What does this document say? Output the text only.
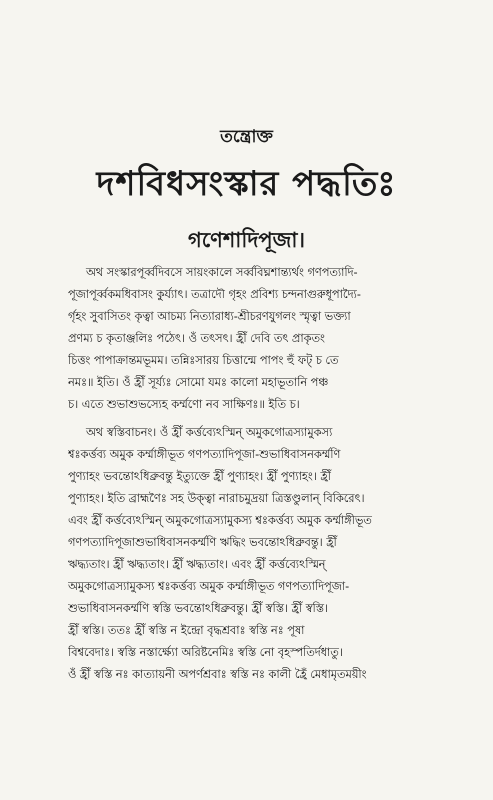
তন্ত্রোক্ত
দশবিধসংস্কার পদ্ধতিঃ
গণেশাদিপূজা।
অথ সংস্কারপূর্ব্বদিবসে সায়ংকালে সর্ব্ববিঘ্নশান্ত্যর্থং গণপত্যাদি-
পূজাপূর্ব্বকমধিবাসং কুর্য্যাৎ। তত্রাদৌ গৃহং প্রবিশ্য চন্দনাগুরুধূপাদ্যৈ-
র্গৃহং সুবাসিতং কৃত্বা আচম্য নিত্যারাধ্য-শ্রীচরণযুগলং স্মৃত্বা ভক্ত্যা
প্রণম্য চ কৃতাঞ্জলিঃ পঠেৎ। ওঁ তৎসৎ। হ্রীঁ দেবি তৎ প্রাকৃতং
চিত্তং পাপাক্রান্তমভূমম। তন্নিঃসারয় চিত্তান্মে পাপং হুঁ ফট্ চ তে
নমঃ॥ ইতি। ওঁ হ্রীঁ সূর্য্যঃ সোমো যমঃ কালো মহাভূতানি পঞ্চ
চ। এতে শুভাশুভস্যেহ কর্ম্মণো নব সাক্ষিণঃ॥ ইতি চ।
অথ স্বস্তিবাচনং। ওঁ হ্রীঁ কর্ত্তব্যেঽস্মিন্ অমুকগোত্রস্যামুকস্য
শ্বঃকর্ত্তব্য অমুক কর্ম্মাঙ্গীভূত গণপত্যাদিপূজা-শুভাধিবাসনকর্ম্মণি
পুণ্যাহং ভবন্তোঽধিব্রুবন্তু ইত্যুক্তে হ্রীঁ পুণ্যাহং। হ্রীঁ পুণ্যাহং। হ্রীঁ
পুণ্যাহং। ইতি ব্রাহ্মণৈঃ সহ উক্ত্বা নারাচমুদ্রয়া ত্রিস্তণ্ডুলান্ বিকিরেৎ।
এবং হ্রীঁ কর্ত্তব্যেঽস্মিন্ অমুকগোত্রস্যামুকস্য শ্বঃকর্ত্তব্য অমুক কর্ম্মাঙ্গীভূত
গণপত্যাদিপূজাশুভাধিবাসনকর্ম্মণি ঋদ্ধিং ভবন্তোঽধিব্রুবন্তু। হ্রীঁ
ঋদ্ধ্যতাং। হ্রীঁ ঋদ্ধ্যতাং। হ্রীঁ ঋদ্ধ্যতাং। এবং হ্রীঁ কর্ত্তব্যেঽস্মিন্
অমুকগোত্রস্যামুকস্য শ্বঃকর্ত্তব্য অমুক কর্ম্মাঙ্গীভূত গণপত্যাদিপূজা-
শুভাধিবাসনকর্ম্মণি স্বস্তি ভবন্তোঽধিব্রুবন্তু। হ্রীঁ স্বস্তি। হ্রীঁ স্বস্তি।
হ্রীঁ স্বস্তি। ততঃ হ্রীঁ স্বস্তি ন ইন্দ্রো বৃদ্ধশ্রবাঃ স্বস্তি নঃ পূষা
বিশ্ববেদাঃ। স্বস্তি নস্তার্ক্ষ্যো অরিষ্টনেমিঃ স্বস্তি নো বৃহস্পতির্দধাতু।
ওঁ হ্রীঁ স্বস্তি নঃ কাত্যায়নী অপর্ণশ্রবাঃ স্বস্তি নঃ কালী হ্রৈঁ মেধামৃতময়ীং
